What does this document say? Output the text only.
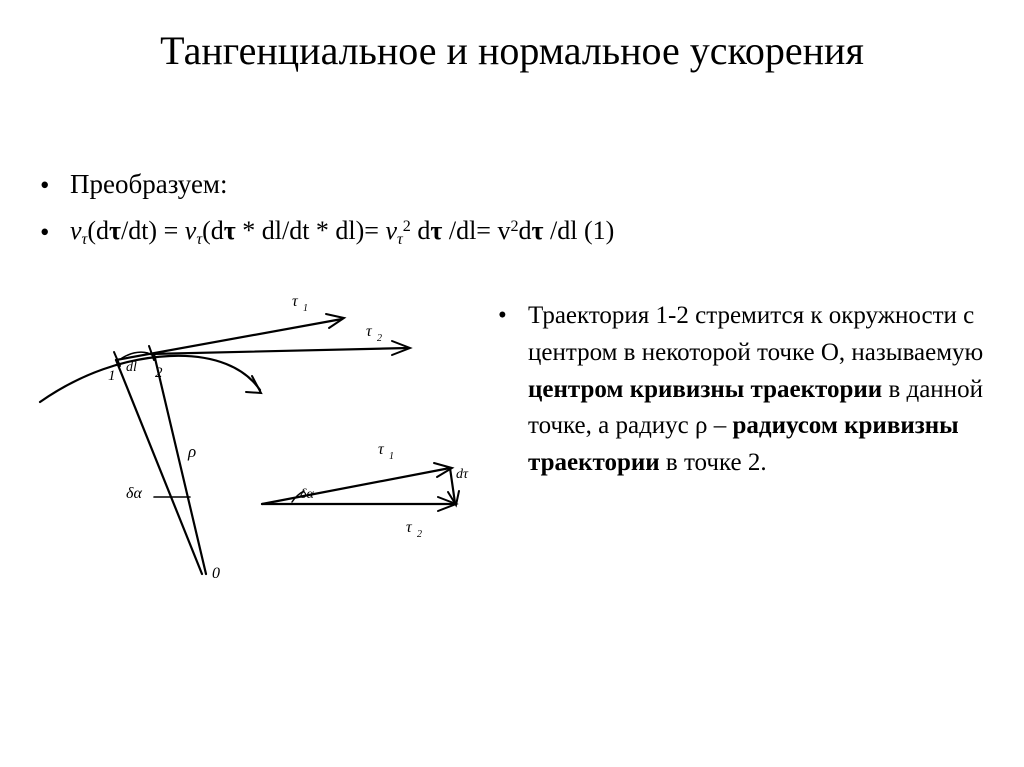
Тангенциальное и нормальное ускорения
• Преобразуем:
• $v_\tau(d\tau/dt) = v_\tau(d\tau * dl/dt * dl)= v_\tau^2$ dτ $/dl= v^2d\tau$ /dl (1)
τ 1
τ 2
1	2
dl
ρ
δα
0
τ 1
τ 2
dτ
δα
• Траектория 1-2 стремится к окружности с центром в некоторой точке О, называемую центром кривизны траектории в данной точке, а радиус ρ – радиусом кривизны траектории в точке 2.
